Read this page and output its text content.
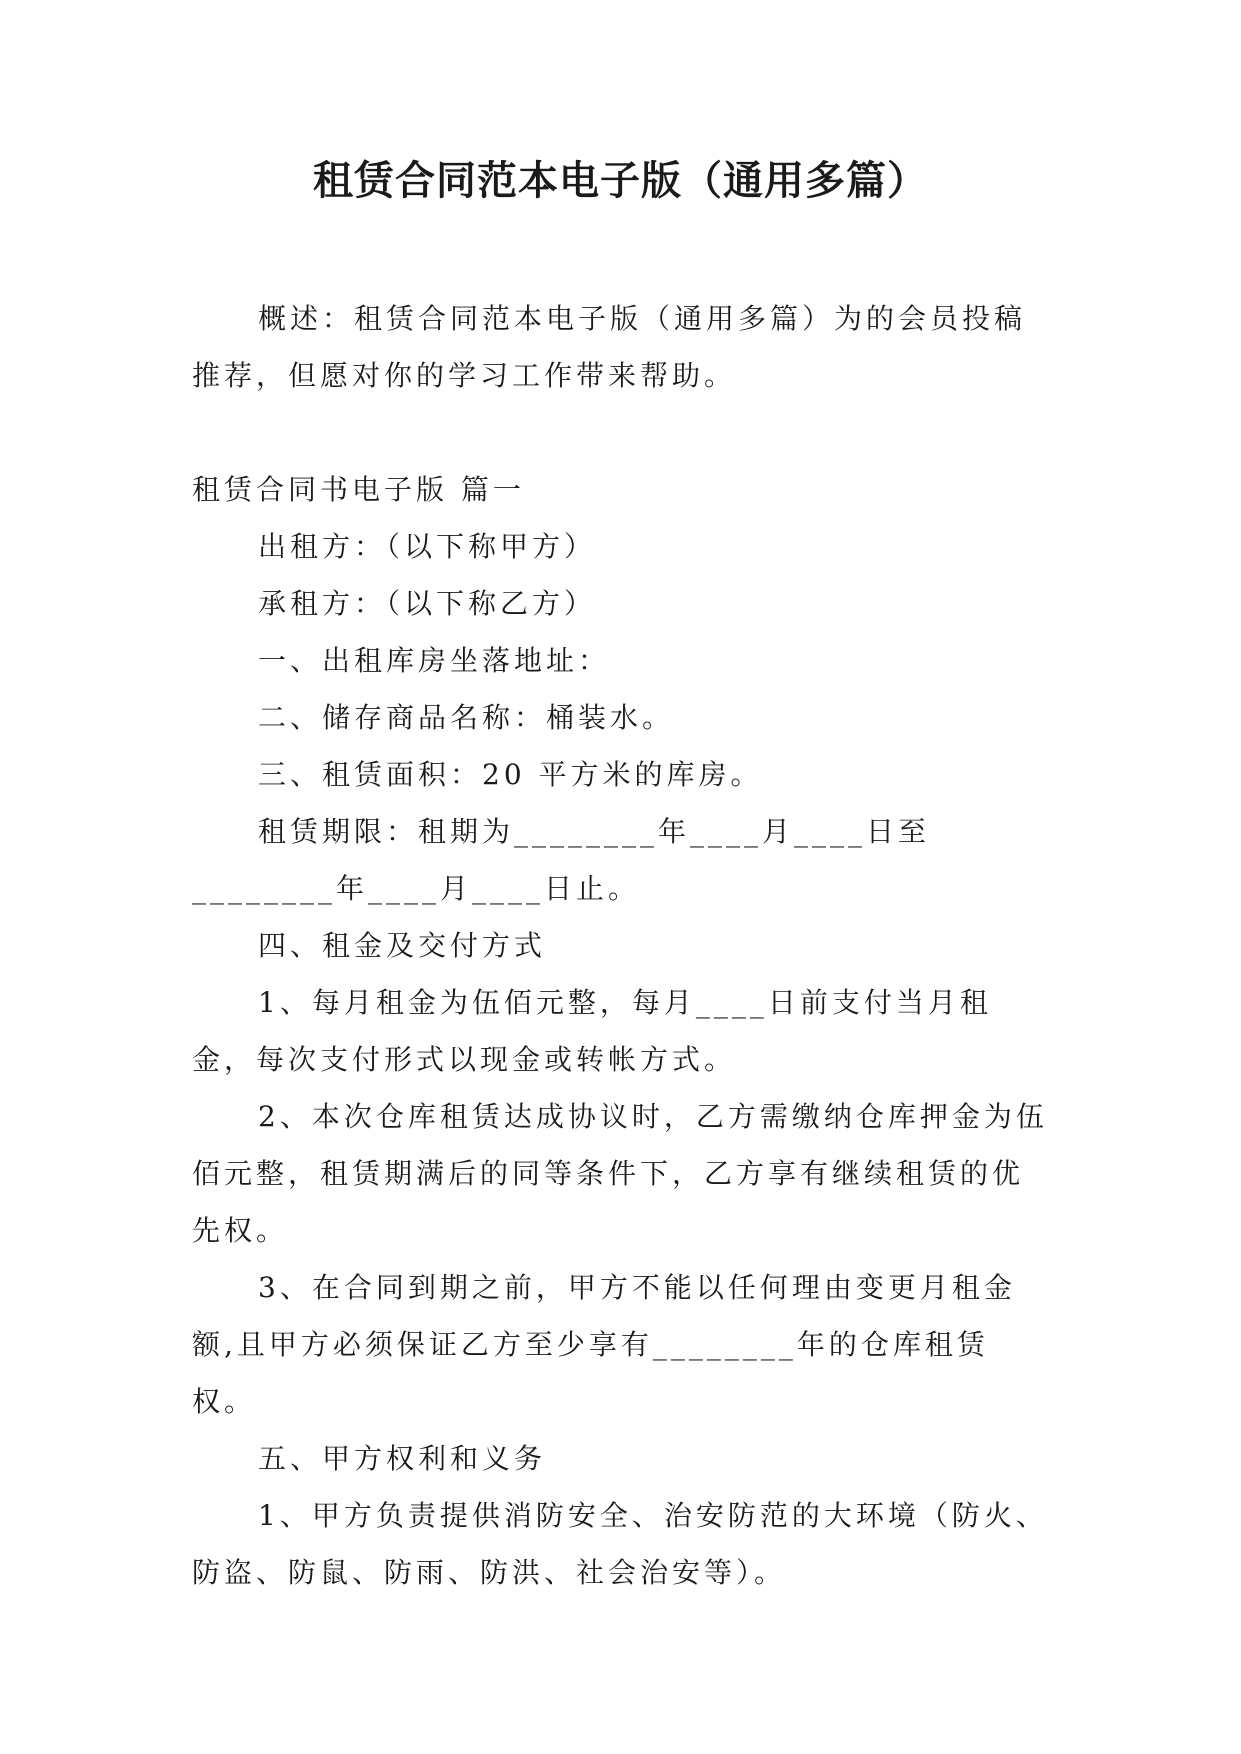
租赁合同范本电子版（通用多篇）

概述：租赁合同范本电子版（通用多篇）为的会员投稿推荐，但愿对你的学习工作带来帮助。

租赁合同书电子版 篇一

出租方：（以下称甲方）

承租方：（以下称乙方）

一、出租库房坐落地址：

二、储存商品名称：桶装水。

三、租赁面积：20 平方米的库房。

租赁期限：租期为________年____月____日至________年____月____日止。

四、租金及交付方式

1、每月租金为伍佰元整，每月____日前支付当月租金，每次支付形式以现金或转帐方式。

2、本次仓库租赁达成协议时，乙方需缴纳仓库押金为伍佰元整，租赁期满后的同等条件下，乙方享有继续租赁的优先权。

3、在合同到期之前，甲方不能以任何理由变更月租金额,且甲方必须保证乙方至少享有________年的仓库租赁权。

五、甲方权利和义务

1、甲方负责提供消防安全、治安防范的大环境（防火、防盗、防鼠、防雨、防洪、社会治安等）。
